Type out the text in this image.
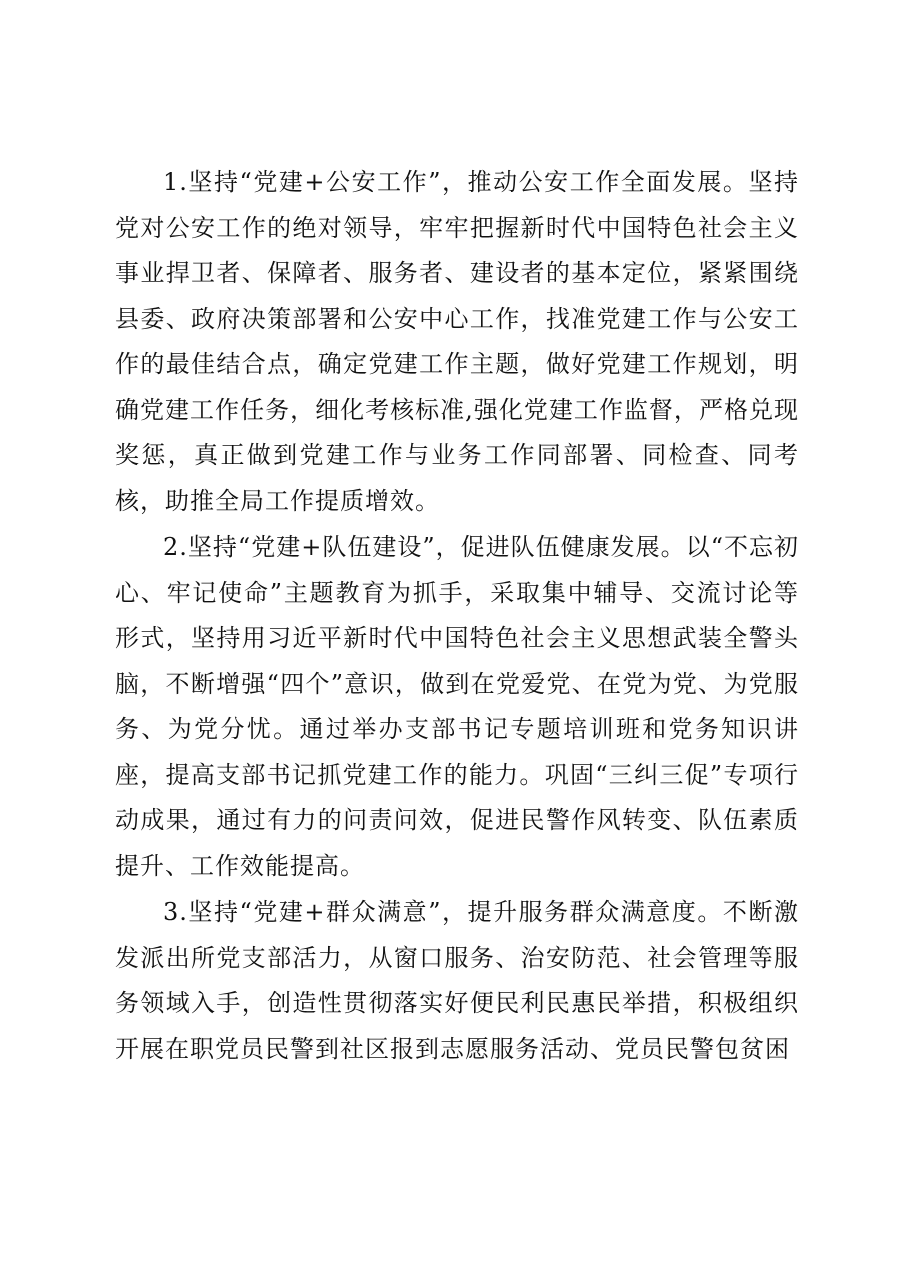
1.坚持“党建+公安工作”，推动公安工作全面发展。坚持党对公安工作的绝对领导，牢牢把握新时代中国特色社会主义事业捍卫者、保障者、服务者、建设者的基本定位，紧紧围绕县委、政府决策部署和公安中心工作，找准党建工作与公安工作的最佳结合点，确定党建工作主题，做好党建工作规划，明确党建工作任务，细化考核标准,强化党建工作监督，严格兑现奖惩，真正做到党建工作与业务工作同部署、同检查、同考核，助推全局工作提质增效。

2.坚持“党建+队伍建设”，促进队伍健康发展。以“不忘初心、牢记使命”主题教育为抓手，采取集中辅导、交流讨论等形式，坚持用习近平新时代中国特色社会主义思想武装全警头脑，不断增强“四个”意识，做到在党爱党、在党为党、为党服务、为党分忧。通过举办支部书记专题培训班和党务知识讲座，提高支部书记抓党建工作的能力。巩固“三纠三促”专项行动成果，通过有力的问责问效，促进民警作风转变、队伍素质提升、工作效能提高。

3.坚持“党建+群众满意”，提升服务群众满意度。不断激发派出所党支部活力，从窗口服务、治安防范、社会管理等服务领域入手，创造性贯彻落实好便民利民惠民举措，积极组织开展在职党员民警到社区报到志愿服务活动、党员民警包贫困
